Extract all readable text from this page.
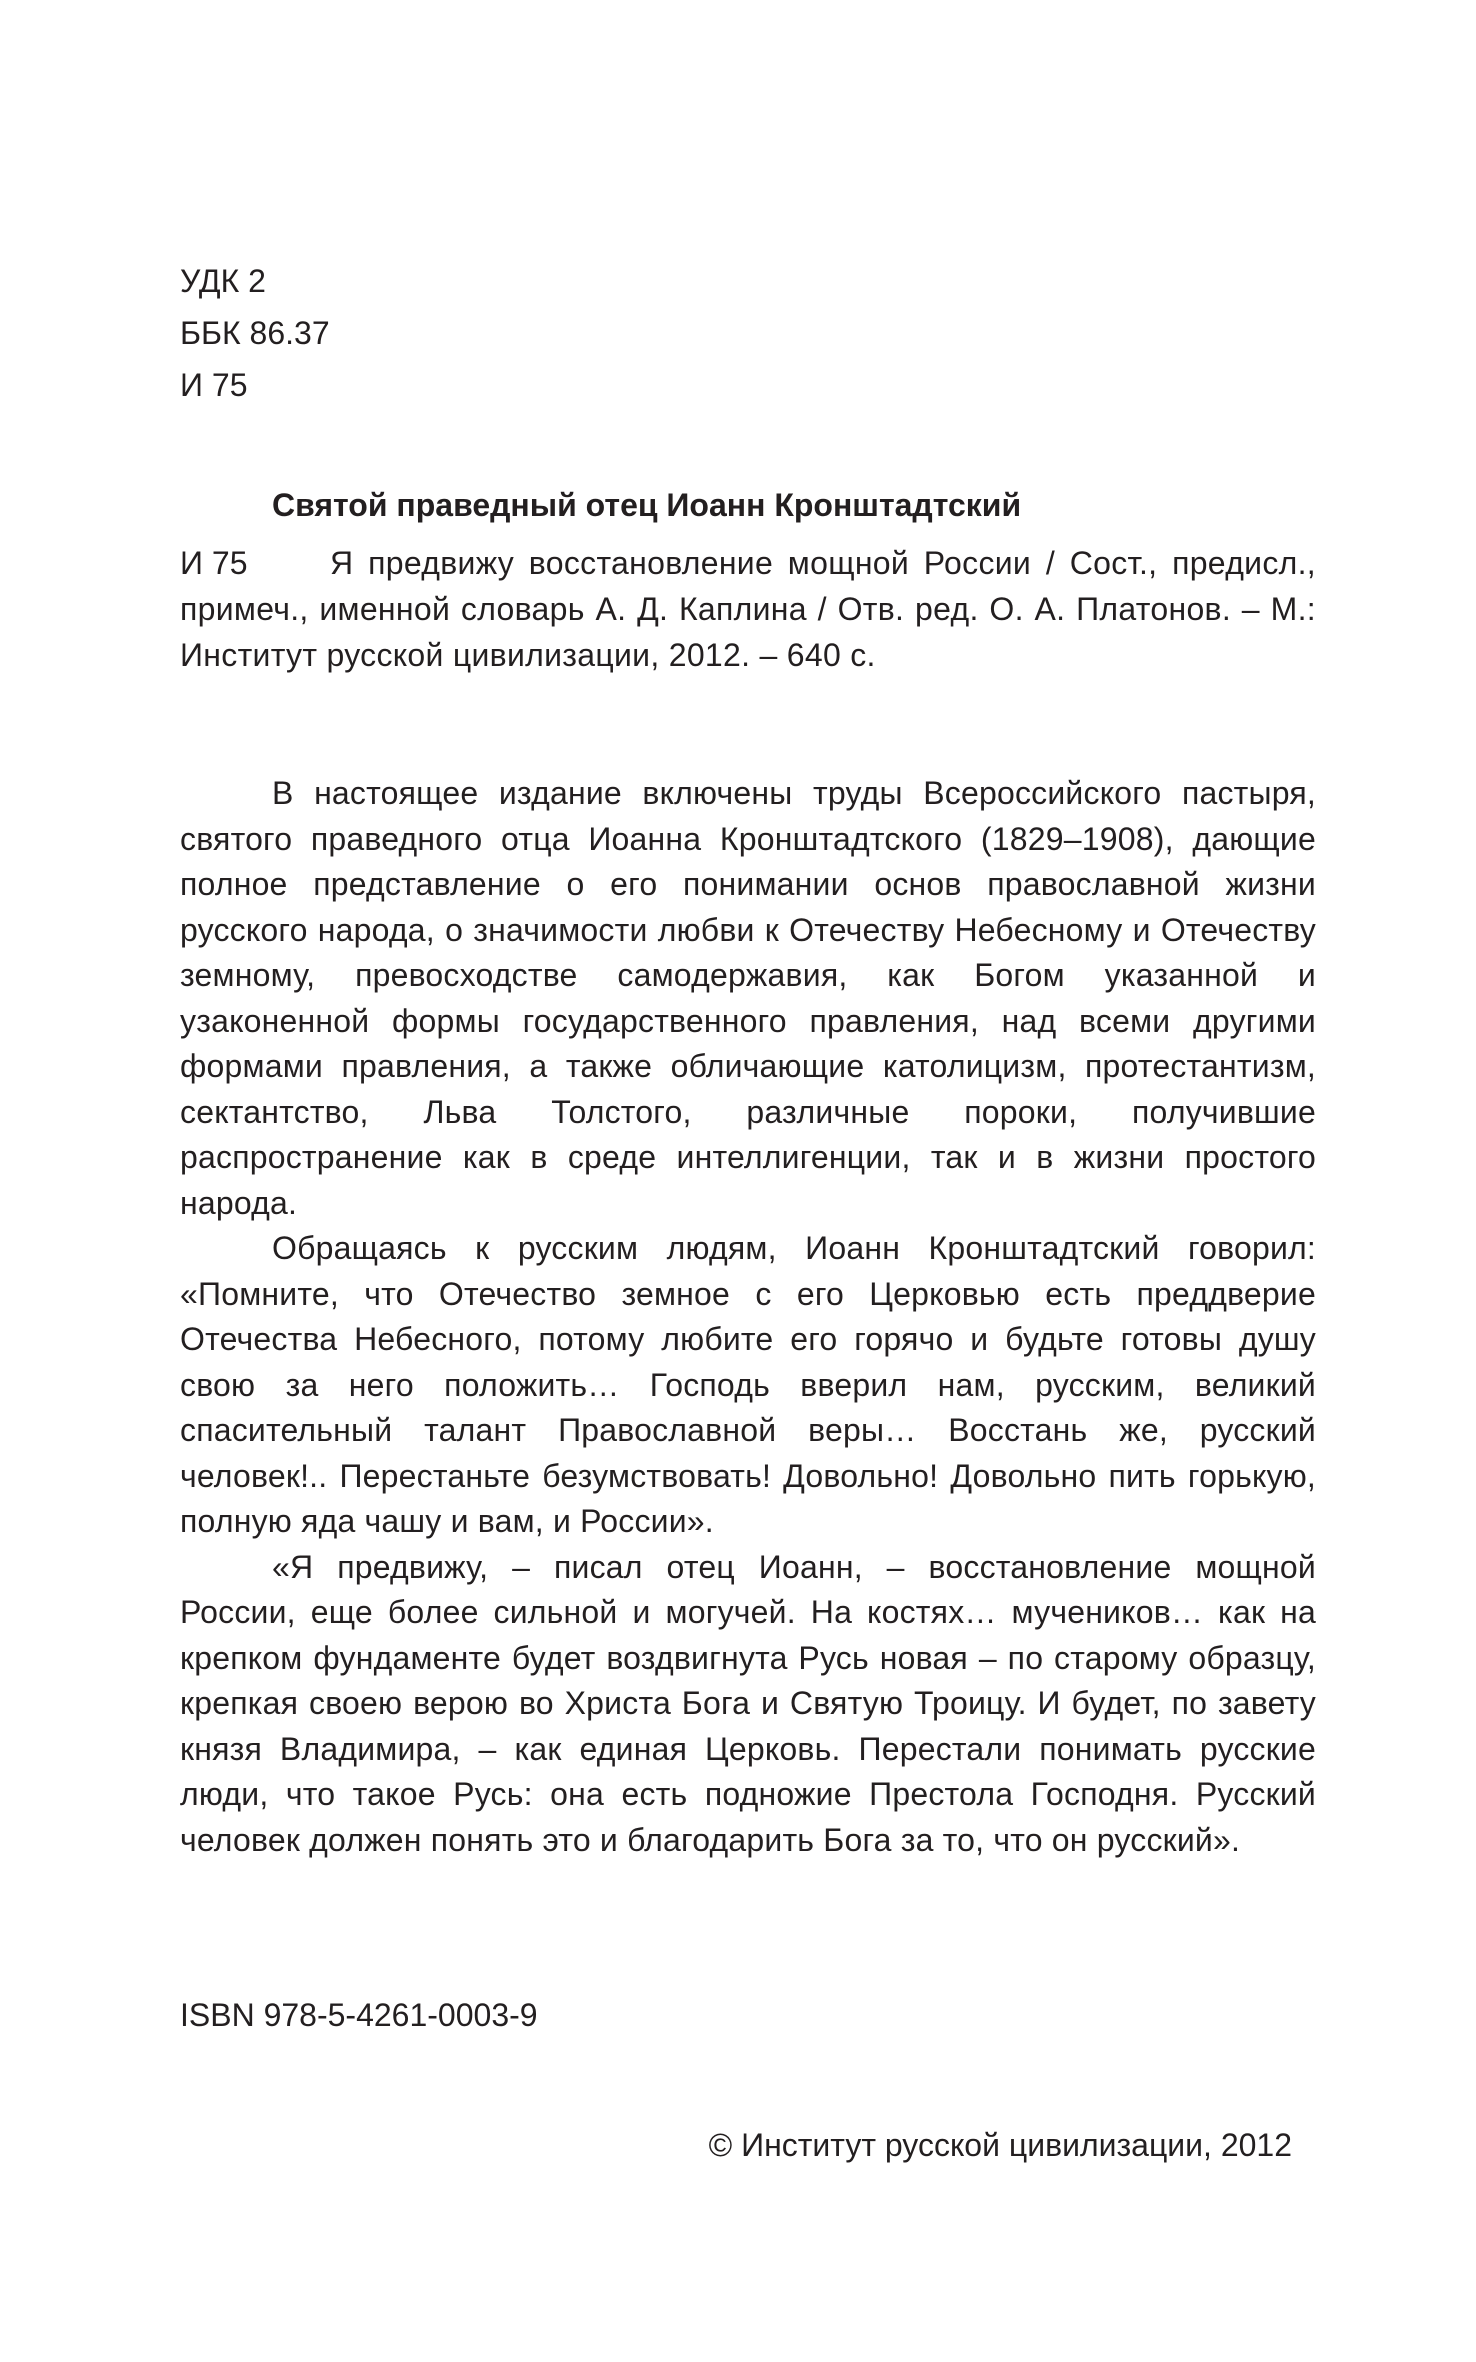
УДК 2
ББК 86.37
И 75
Святой праведный отец Иоанн Кронштадтский
И 75	Я предвижу восстановление мощной России / Сост., предисл., примеч., именной словарь А. Д. Каплина / Отв. ред. О. А. Платонов. – М.: Институт русской цивилизации, 2012. – 640 с.

В настоящее издание включены труды Всероссийского пастыря, святого праведного отца Иоанна Кронштадтского (1829–1908), дающие полное представление о его понимании основ православной жизни русского народа, о значимости любви к Отечеству Небесному и Отечеству земному, превосходстве самодержавия, как Богом указанной и узаконенной формы государственного правления, над всеми другими формами правления, а также обличающие католицизм, протестантизм, сектантство, Льва Толстого, различные пороки, получившие распространение как в среде интеллигенции, так и в жизни простого народа.

Обращаясь к русским людям, Иоанн Кронштадтский говорил: «Помните, что Отечество земное с его Церковью есть преддверие Отечества Небесного, потому любите его горячо и будьте готовы душу свою за него положить… Господь вверил нам, русским, великий спасительный талант Православной веры… Восстань же, русский человек!.. Перестаньте безумствовать! Довольно! Довольно пить горькую, полную яда чашу и вам, и России».

«Я предвижу, – писал отец Иоанн, – восстановление мощной России, еще более сильной и могучей. На костях… мучеников… как на крепком фундаменте будет воздвигнута Русь новая – по старому образцу, крепкая своею верою во Христа Бога и Святую Троицу. И будет, по завету князя Владимира, – как единая Церковь. Перестали понимать русские люди, что такое Русь: она есть подножие Престола Господня. Русский человек должен понять это и благодарить Бога за то, что он русский».

ISBN 978-5-4261-0003-9
© Институт русской цивилизации, 2012
